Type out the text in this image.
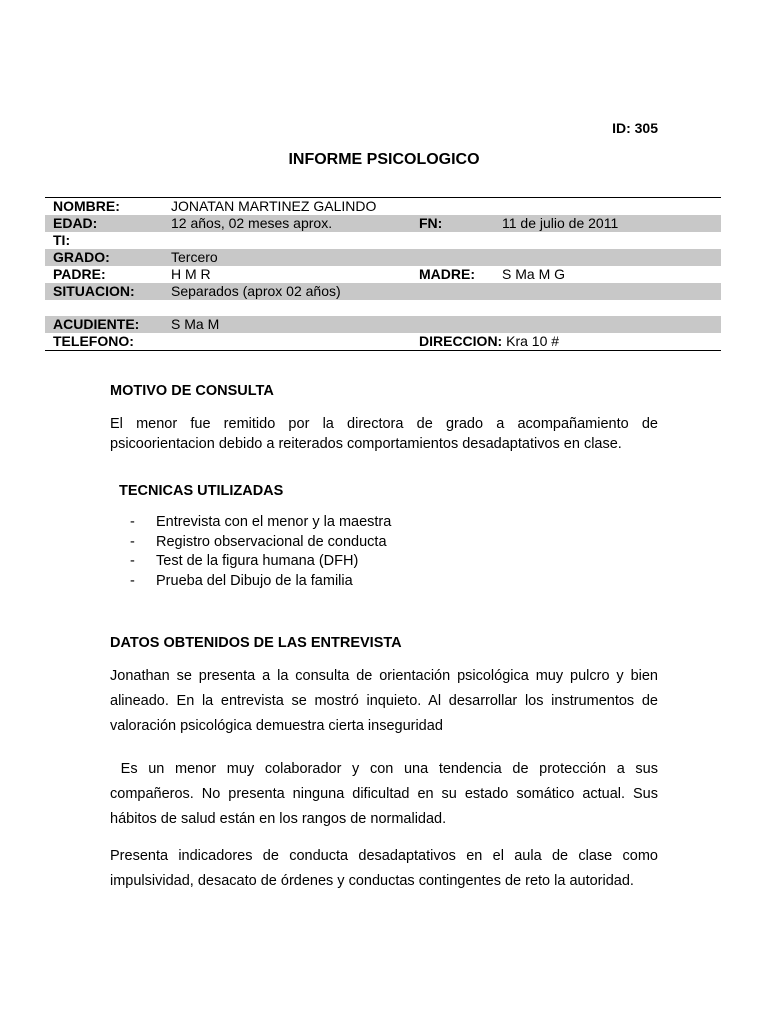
ID: 305
INFORME PSICOLOGICO
NOMBRE:	JONATAN MARTINEZ GALINDO
EDAD:	12 años, 02 meses aprox.	FN:	11 de julio de 2011
TI:
GRADO:	Tercero
PADRE:	H M R	MADRE: S Ma M G
SITUACION:	Separados (aprox 02 años)
ACUDIENTE: S Ma M
TELEFONO:	DIRECCION: Kra 10 #
MOTIVO DE CONSULTA
El menor fue remitido por la directora de grado a acompañamiento de psicoorientacion debido a reiterados comportamientos desadaptativos en clase.
TECNICAS UTILIZADAS
- Entrevista con el menor y la maestra
- Registro observacional de conducta
- Test de la figura humana (DFH)
- Prueba del Dibujo de la familia
DATOS OBTENIDOS DE LAS ENTREVISTA
Jonathan se presenta a la consulta de orientación psicológica muy pulcro y bien alineado. En la entrevista se mostró inquieto. Al desarrollar los instrumentos de valoración psicológica demuestra cierta inseguridad
Es un menor muy colaborador y con una tendencia de protección a sus compañeros. No presenta ninguna dificultad en su estado somático actual. Sus hábitos de salud están en los rangos de normalidad.
Presenta indicadores de conducta desadaptativos en el aula de clase como impulsividad, desacato de órdenes y conductas contingentes de reto la autoridad.
